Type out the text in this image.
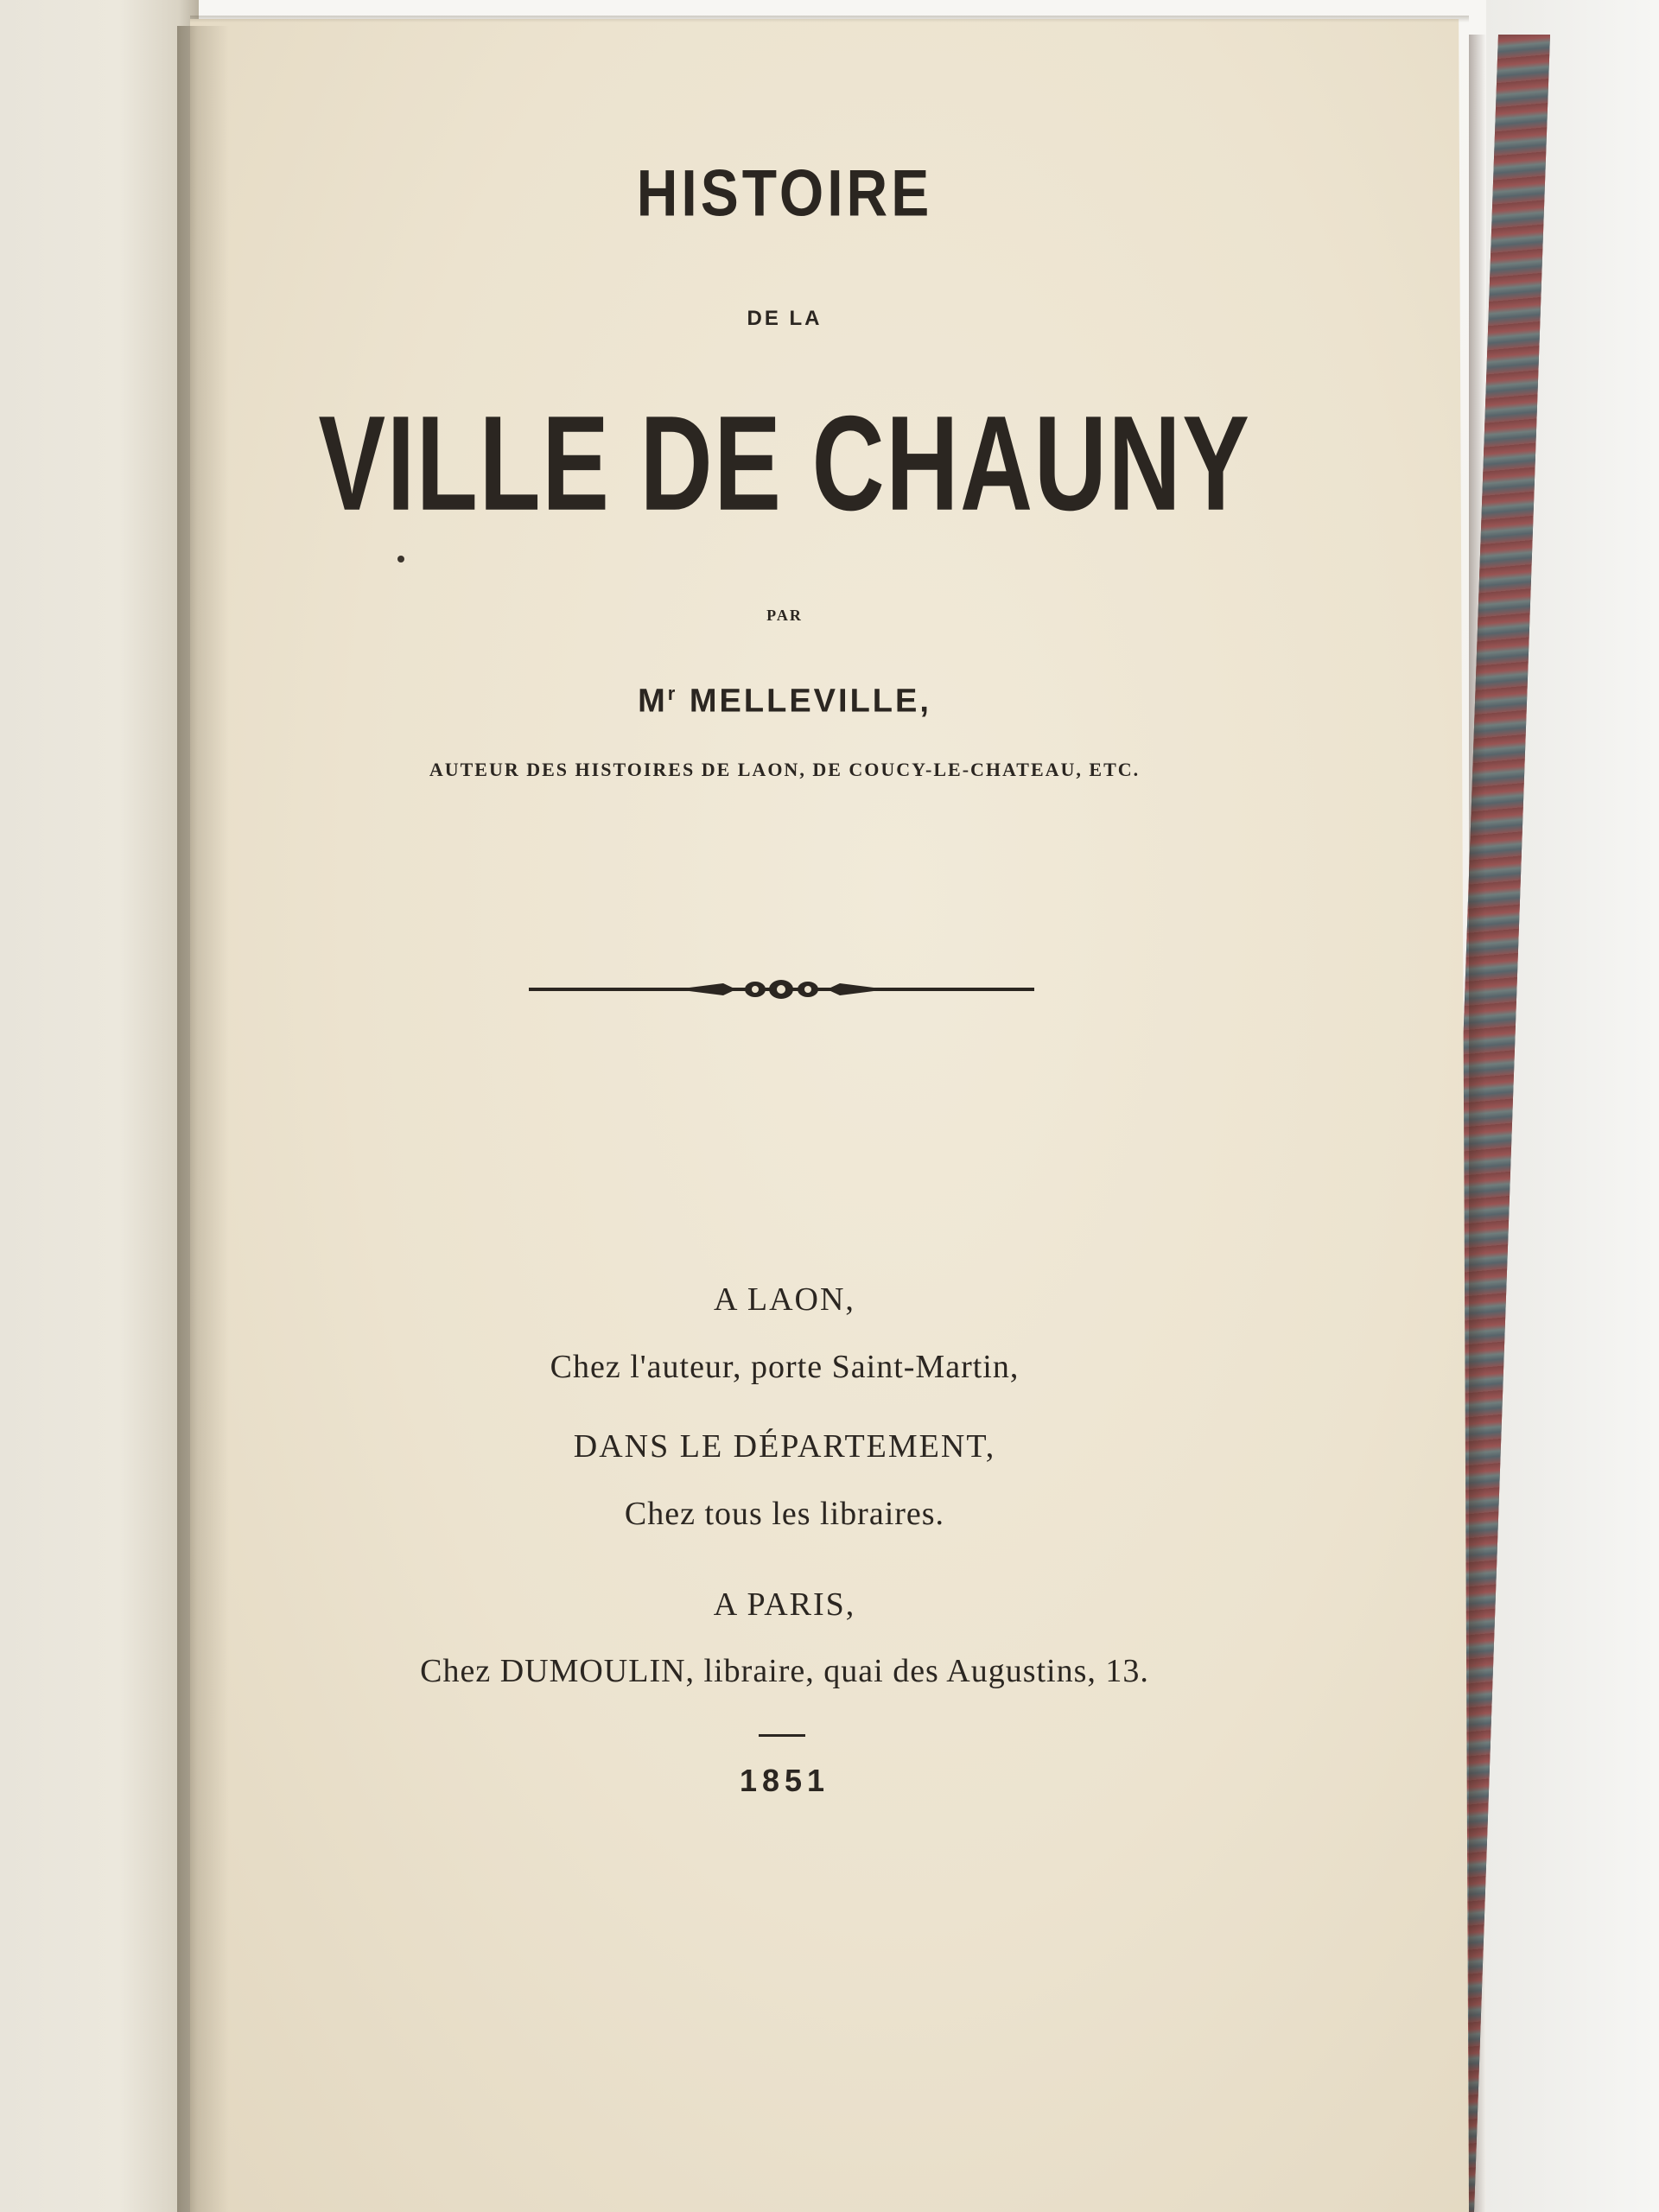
HISTOIRE
DE LA
VILLE DE CHAUNY
PAR
$M^r$ MELLEVILLE,
AUTEUR DES HISTOIRES DE LAON, DE COUCY-LE-CHATEAU, ETC.
A LAON,
Chez l'auteur, porte Saint-Martin,
DANS LE DÉPARTEMENT,
Chez tous les libraires.
A PARIS,
Chez DUMOULIN, libraire, quai des Augustins, 13.
1851
